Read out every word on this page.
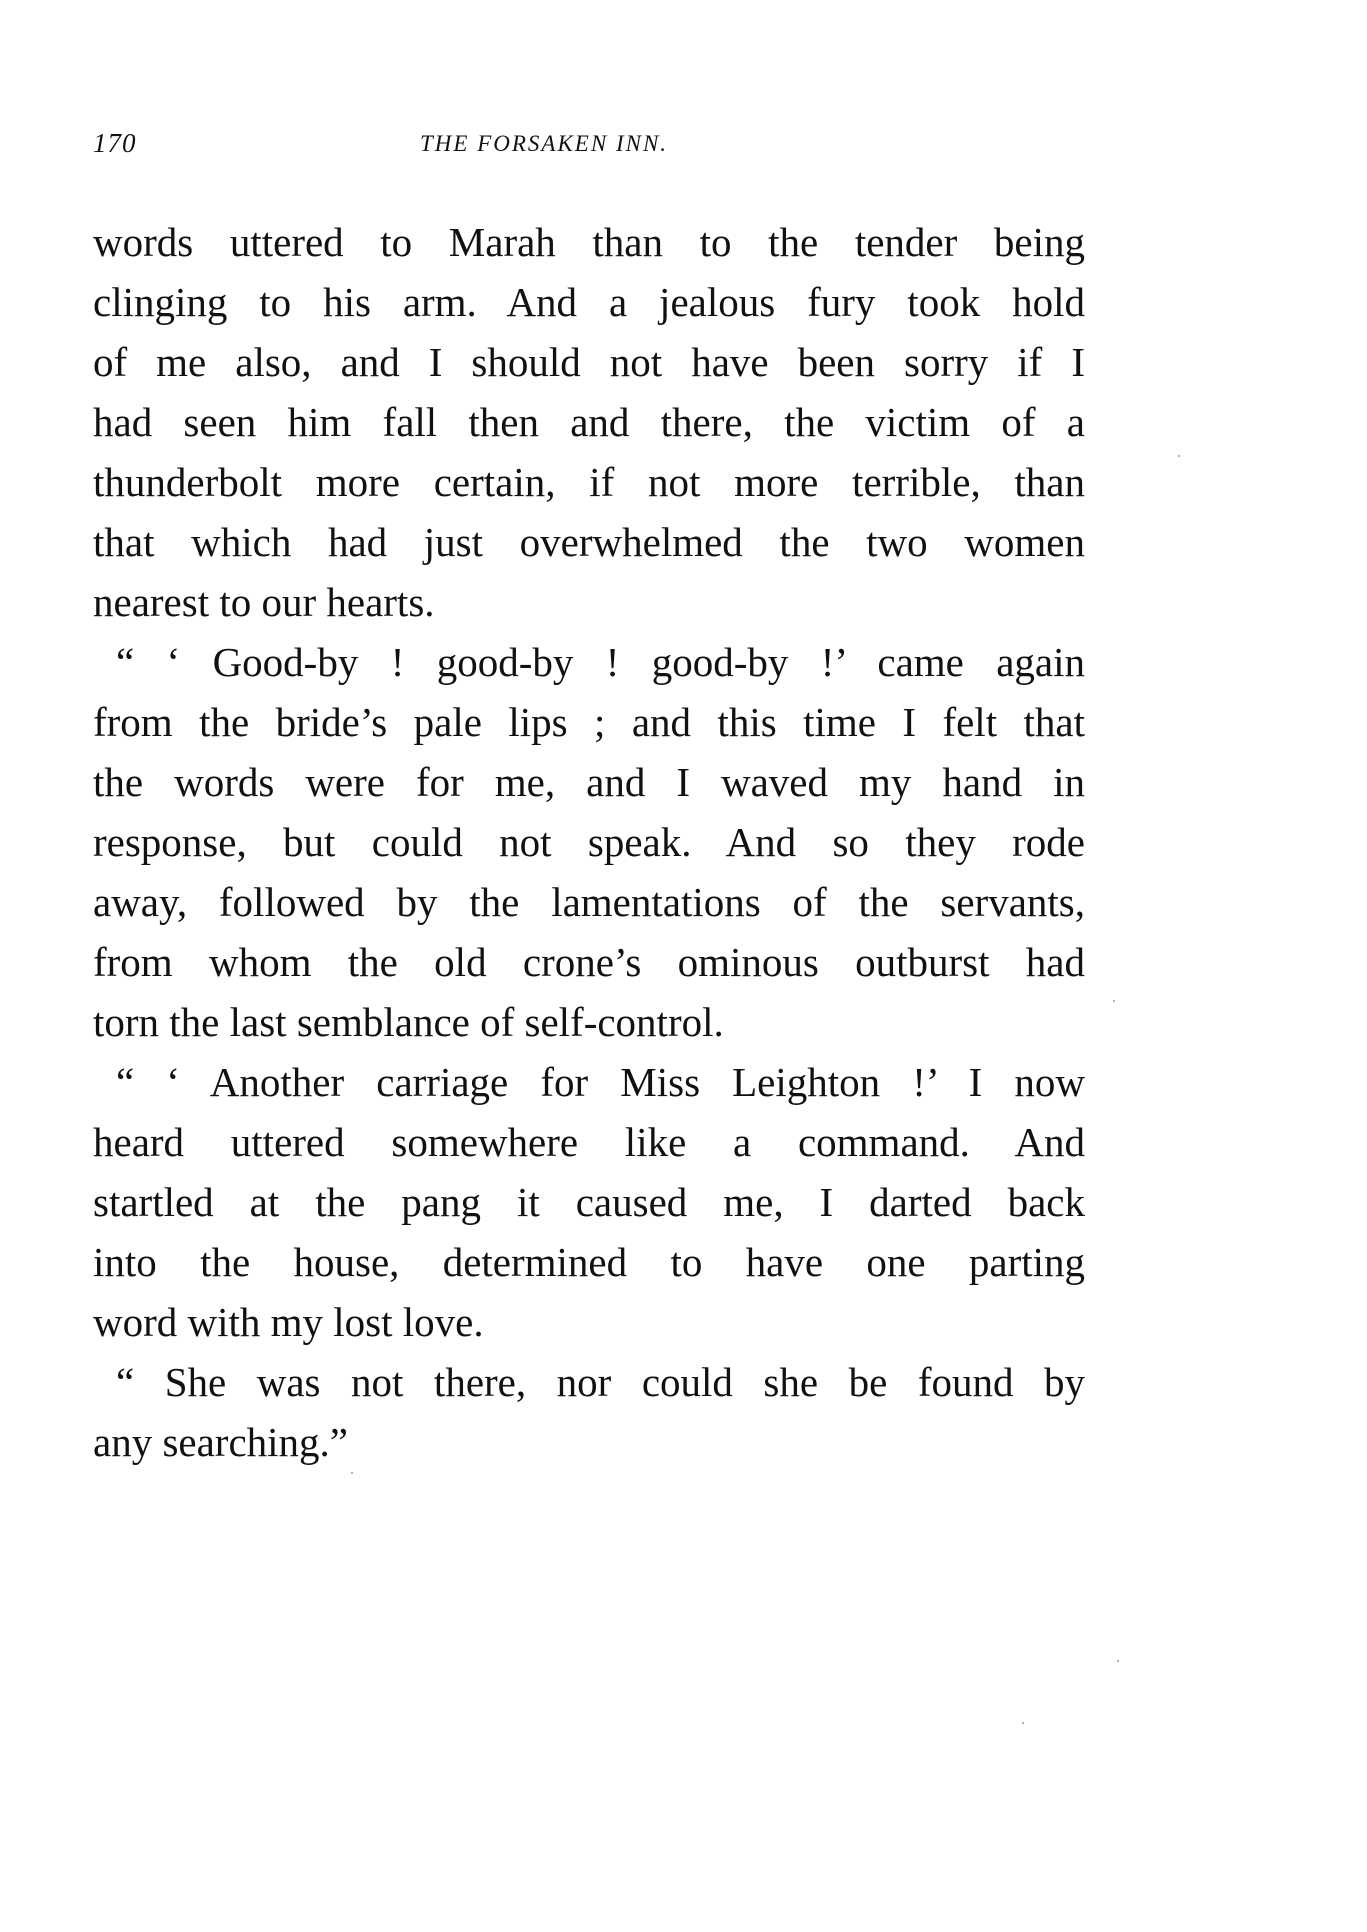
170	THE FORSAKEN INN.
words uttered to Marah than to the tender being
clinging to his arm. And a jealous fury took hold
of me also, and I should not have been sorry if I
had seen him fall then and there, the victim of a
thunderbolt more certain, if not more terrible, than
that which had just overwhelmed the two women
nearest to our hearts.
“ ‘ Good-by ! good-by ! good-by !’ came again
from the bride’s pale lips ; and this time I felt that
the words were for me, and I waved my hand in
response, but could not speak. And so they rode
away, followed by the lamentations of the servants,
from whom the old crone’s ominous outburst had
torn the last semblance of self-control.
“ ‘ Another carriage for Miss Leighton !’ I now
heard uttered somewhere like a command. And
startled at the pang it caused me, I darted back
into the house, determined to have one parting
word with my lost love.
“ She was not there, nor could she be found by
any searching.”
